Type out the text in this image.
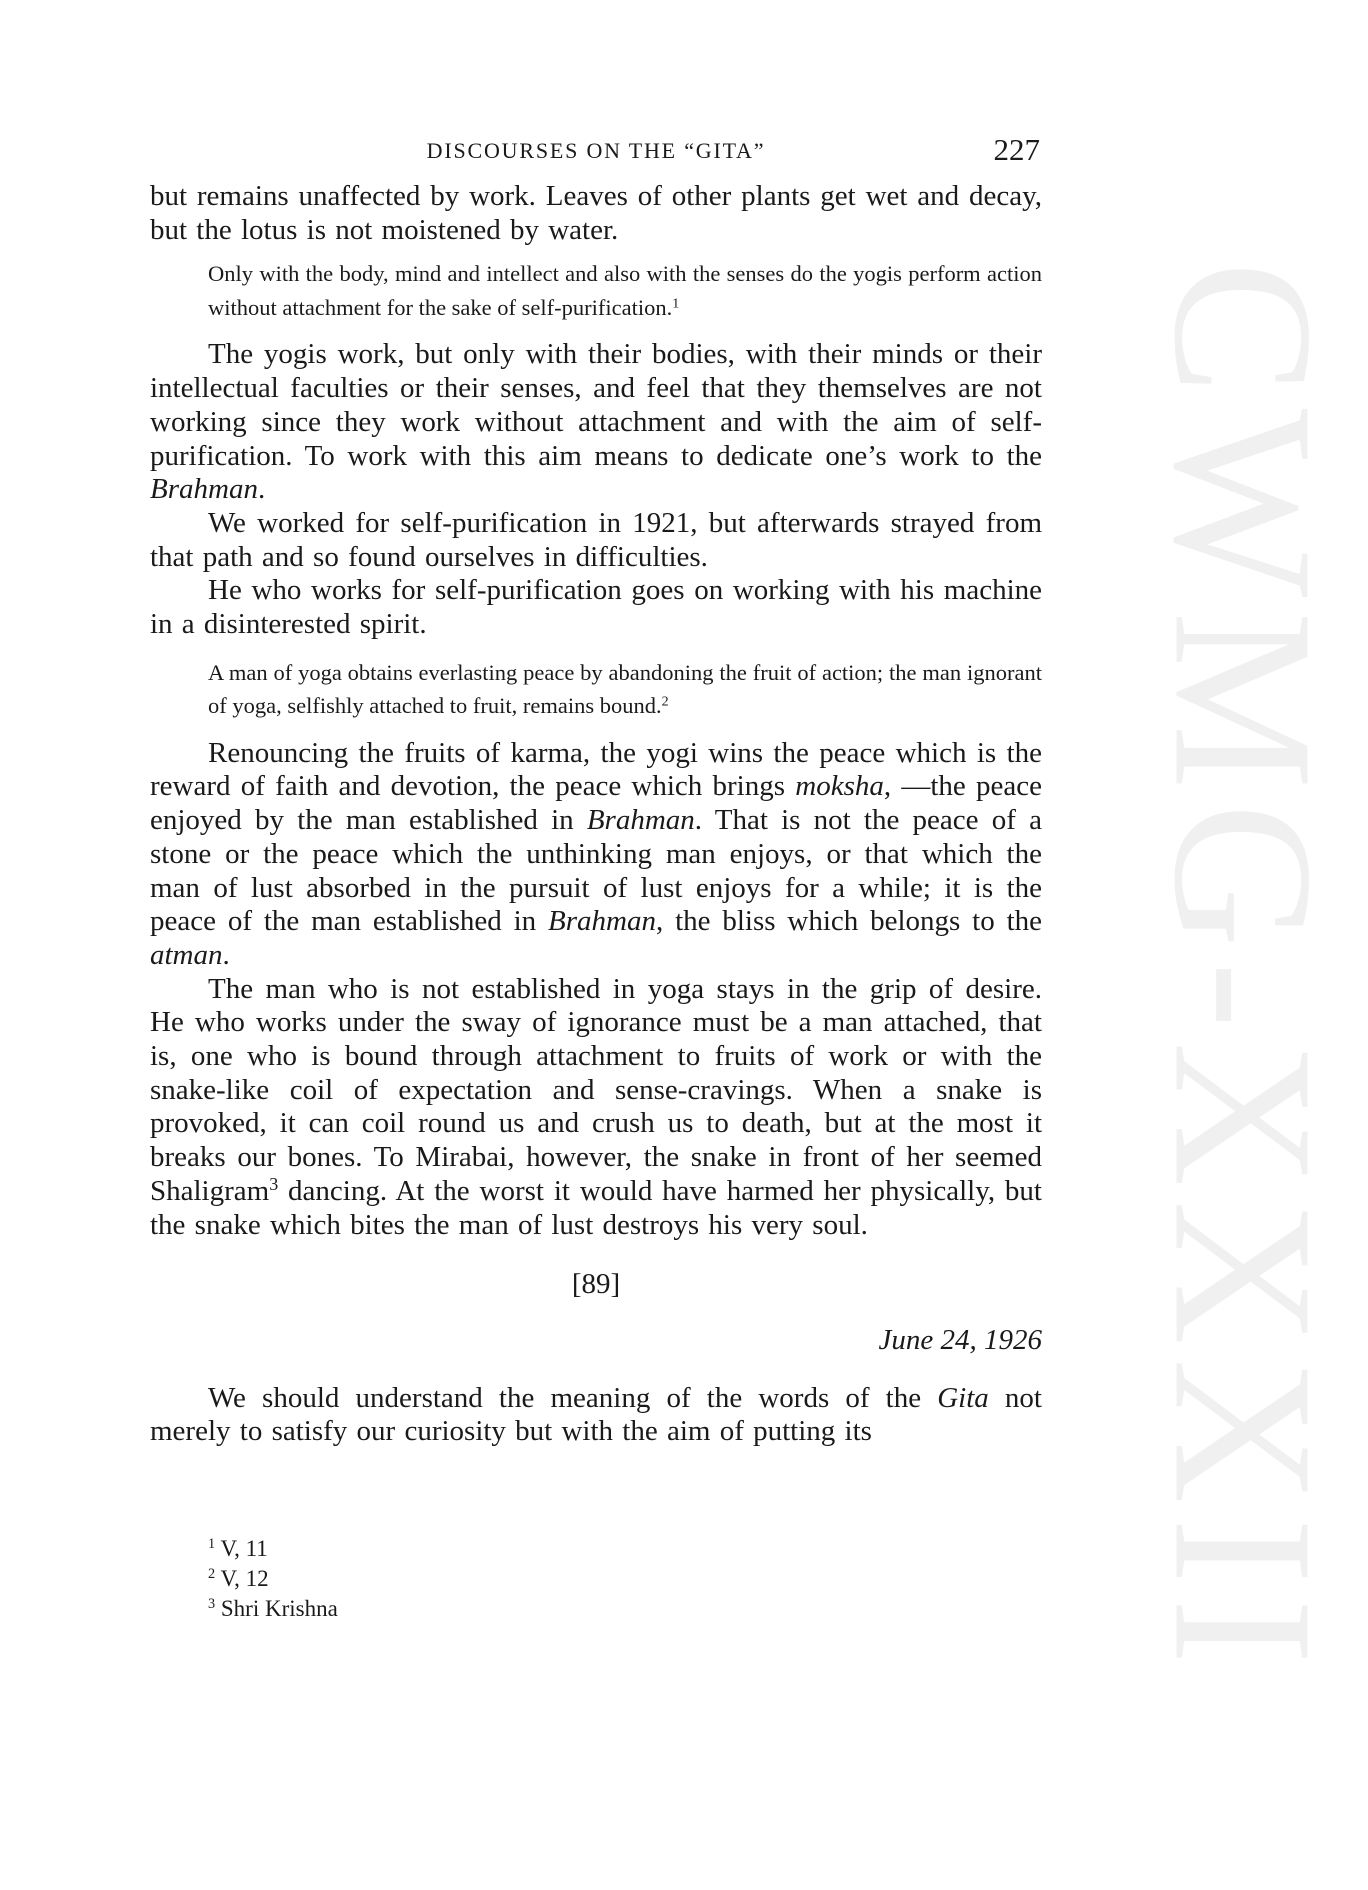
CWMG-XXXII
DISCOURSES ON THE “GITA”	227

but remains unaffected by work. Leaves of other plants get wet and decay, but the lotus is not moistened by water.

Only with the body, mind and intellect and also with the senses do the yogis perform action without attachment for the sake of self-purification.$^1$

The yogis work, but only with their bodies, with their minds or their intellectual faculties or their senses, and feel that they themselves are not working since they work without attachment and with the aim of self-purification. To work with this aim means to dedicate one’s work to the Brahman.

We worked for self-purification in 1921, but afterwards strayed from that path and so found ourselves in difficulties.

He who works for self-purification goes on working with his machine in a disinterested spirit.

A man of yoga obtains everlasting peace by abandoning the fruit of action; the man ignorant of yoga, selfishly attached to fruit, remains bound.$^2$

Renouncing the fruits of karma, the yogi wins the peace which is the reward of faith and devotion, the peace which brings moksha, —the peace enjoyed by the man established in Brahman. That is not the peace of a stone or the peace which the unthinking man enjoys, or that which the man of lust absorbed in the pursuit of lust enjoys for a while; it is the peace of the man established in Brahman, the bliss which belongs to the atman.

The man who is not established in yoga stays in the grip of desire. He who works under the sway of ignorance must be a man attached, that is, one who is bound through attachment to fruits of work or with the snake-like coil of expectation and sense-cravings. When a snake is provoked, it can coil round us and crush us to death, but at the most it breaks our bones. To Mirabai, however, the snake in front of her seemed Shaligram$^3$ dancing. At the worst it would have harmed her physically, but the snake which bites the man of lust destroys his very soul.

[89]

June 24, 1926

We should understand the meaning of the words of the Gita not merely to satisfy our curiosity but with the aim of putting its

$^1$ V, 11
$^2$ V, 12
$^3$ Shri Krishna
